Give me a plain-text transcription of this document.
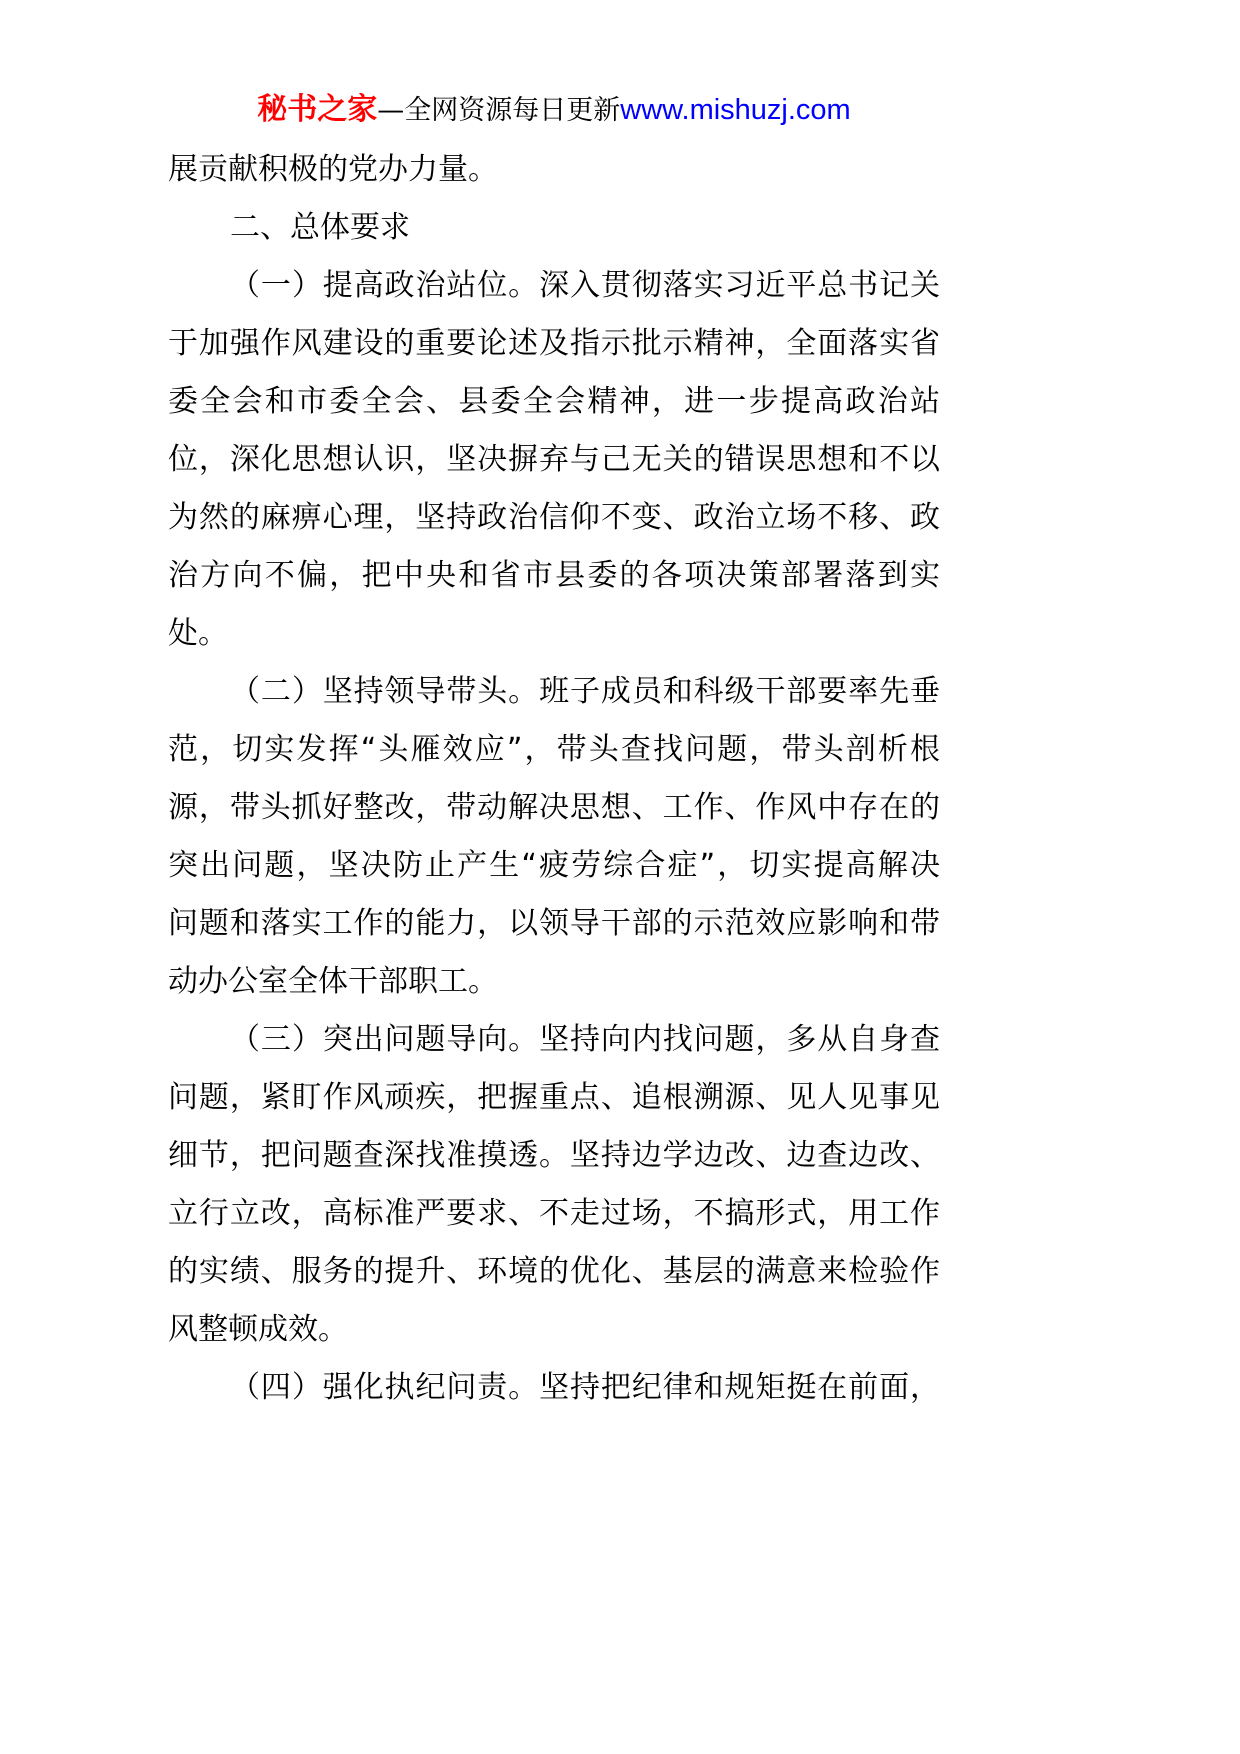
秘书之家—全网资源每日更新www.mishuzj.com

展贡献积极的党办力量。

二、总体要求

（一）提高政治站位。深入贯彻落实习近平总书记关
于加强作风建设的重要论述及指示批示精神，全面落实省
委全会和市委全会、县委全会精神，进一步提高政治站
位，深化思想认识，坚决摒弃与己无关的错误思想和不以
为然的麻痹心理，坚持政治信仰不变、政治立场不移、政
治方向不偏，把中央和省市县委的各项决策部署落到实
处。

（二）坚持领导带头。班子成员和科级干部要率先垂
范，切实发挥“头雁效应”，带头查找问题，带头剖析根
源，带头抓好整改，带动解决思想、工作、作风中存在的
突出问题，坚决防止产生“疲劳综合症”，切实提高解决
问题和落实工作的能力，以领导干部的示范效应影响和带
动办公室全体干部职工。

（三）突出问题导向。坚持向内找问题，多从自身查
问题，紧盯作风顽疾，把握重点、追根溯源、见人见事见
细节，把问题查深找准摸透。坚持边学边改、边查边改、
立行立改，高标准严要求、不走过场，不搞形式，用工作
的实绩、服务的提升、环境的优化、基层的满意来检验作
风整顿成效。

（四）强化执纪问责。坚持把纪律和规矩挺在前面，
